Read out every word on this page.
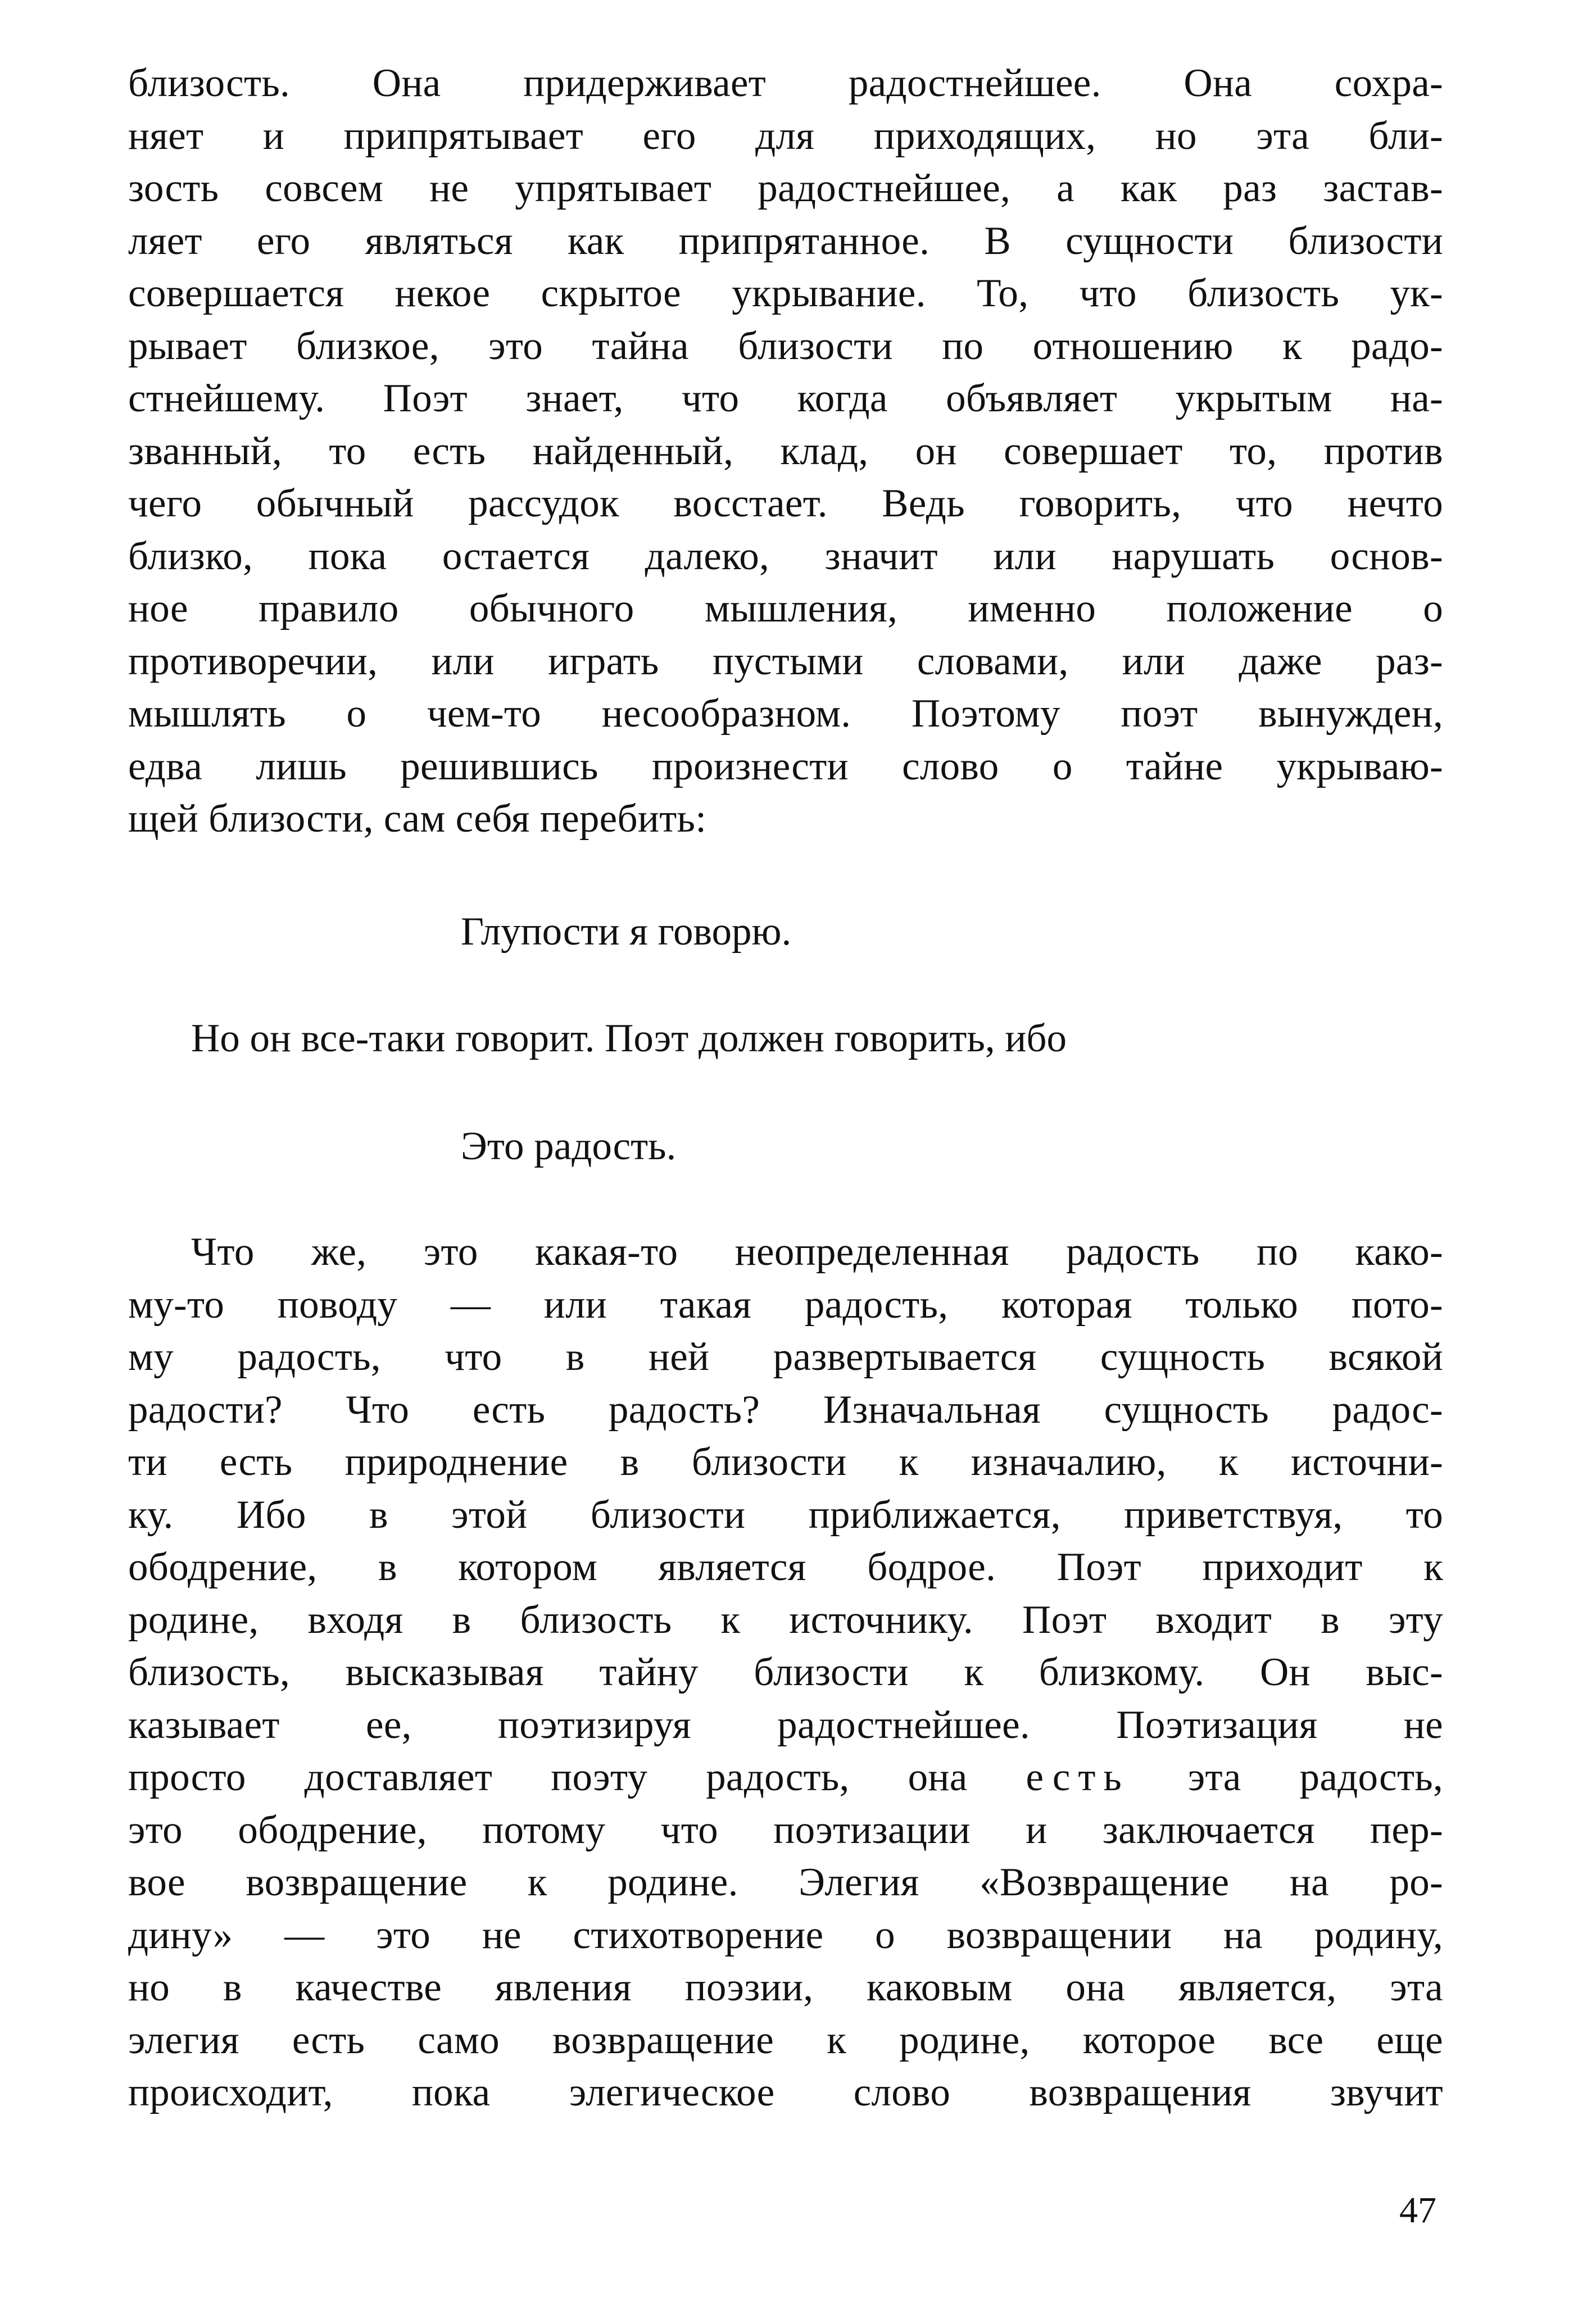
близость. Она придерживает радостнейшее. Она сохра-
няет и припрятывает его для приходящих, но эта бли-
зость совсем не упрятывает радостнейшее, а как раз застав-
ляет его являться как припрятанное. В сущности близости
совершается некое скрытое укрывание. То, что близость ук-
рывает близкое, это тайна близости по отношению к радо-
стнейшему. Поэт знает, что когда объявляет укрытым на-
званный, то есть найденный, клад, он совершает то, против
чего обычный рассудок восстает. Ведь говорить, что нечто
близко, пока остается далеко, значит или нарушать основ-
ное правило обычного мышления, именно положение о
противоречии, или играть пустыми словами, или даже раз-
мышлять о чем-то несообразном. Поэтому поэт вынужден,
едва лишь решившись произнести слово о тайне укрываю-
щей близости, сам себя перебить:
Глупости я говорю.
Но он все-таки говорит. Поэт должен говорить, ибо
Это радость.
Что же, это какая-то неопределенная радость по како-
му-то поводу — или такая радость, которая только пото-
му радость, что в ней развертывается сущность всякой
радости? Что есть радость? Изначальная сущность радос-
ти есть природнение в близости к изначалию, к источни-
ку. Ибо в этой близости приближается, приветствуя, то
ободрение, в котором является бодрое. Поэт приходит к
родине, входя в близость к источнику. Поэт входит в эту
близость, высказывая тайну близости к близкому. Он выс-
казывает ее, поэтизируя радостнейшее. Поэтизация не
просто доставляет поэту радость, она есть эта радость,
это ободрение, потому что поэтизации и заключается пер-
вое возвращение к родине. Элегия «Возвращение на ро-
дину» — это не стихотворение о возвращении на родину,
но в качестве явления поэзии, каковым она является, эта
элегия есть само возвращение к родине, которое все еще
происходит, пока элегическое слово возвращения звучит
47
